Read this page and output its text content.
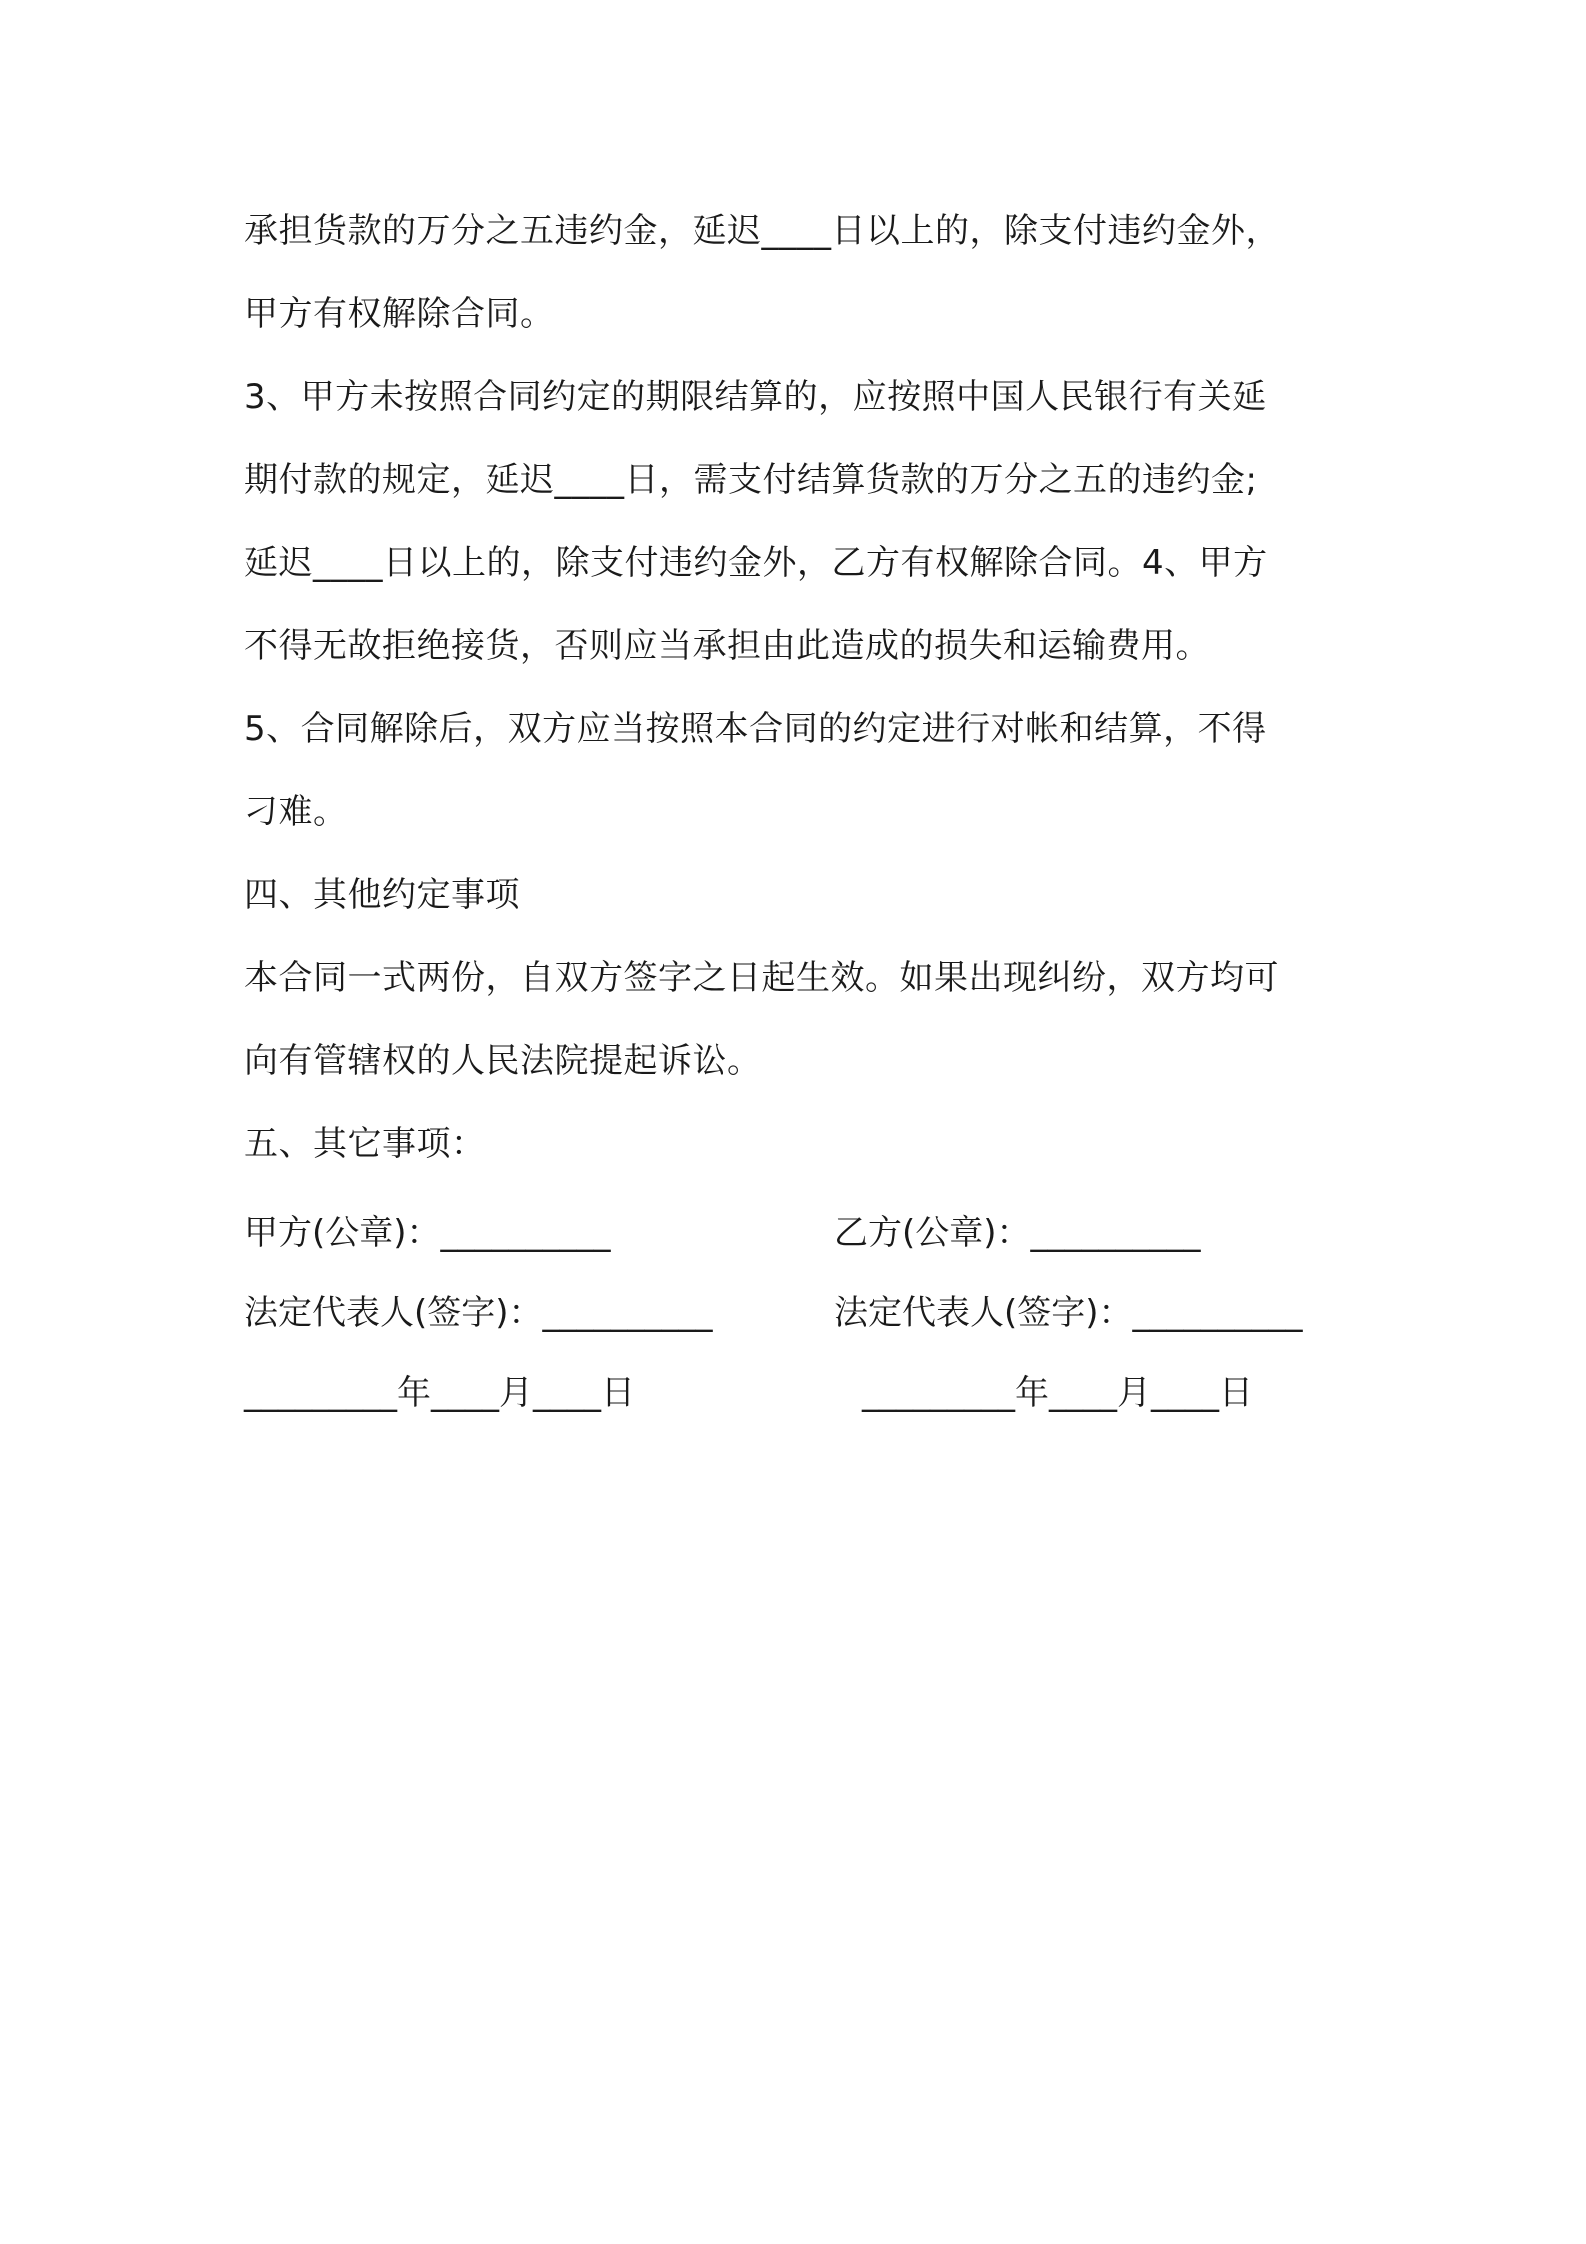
承担货款的万分之五违约金，延迟____日以上的，除支付违约金外，
甲方有权解除合同。
3、甲方未按照合同约定的期限结算的，应按照中国人民银行有关延
期付款的规定，延迟____日，需支付结算货款的万分之五的违约金;
延迟____日以上的，除支付违约金外，乙方有权解除合同。4、甲方
不得无故拒绝接货，否则应当承担由此造成的损失和运输费用。
5、合同解除后，双方应当按照本合同的约定进行对帐和结算，不得
刁难。
四、其他约定事项
本合同一式两份，自双方签字之日起生效。如果出现纠纷，双方均可
向有管辖权的人民法院提起诉讼。
五、其它事项：
甲方(公章)：__________	乙方(公章)：__________
法定代表人(签字)：__________	法定代表人(签字)：__________
_________年____月____日	_________年____月____日
